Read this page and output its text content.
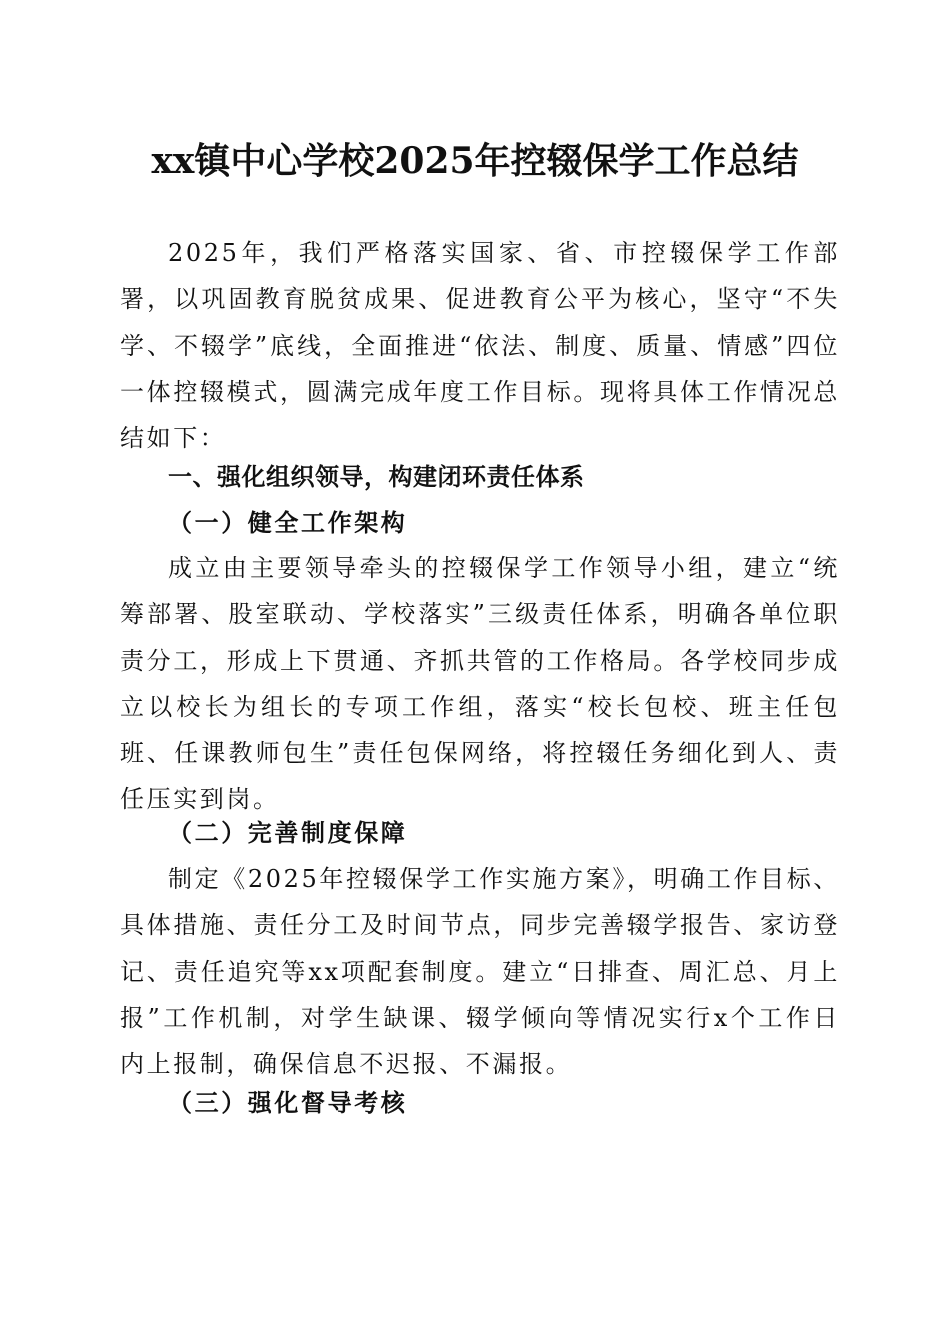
xx镇中心学校2025年控辍保学工作总结

2025年，我们严格落实国家、省、市控辍保学工作部署，以巩固教育脱贫成果、促进教育公平为核心，坚守“不失学、不辍学”底线，全面推进“依法、制度、质量、情感”四位一体控辍模式，圆满完成年度工作目标。现将具体工作情况总结如下：

一、强化组织领导，构建闭环责任体系
（一）健全工作架构

成立由主要领导牵头的控辍保学工作领导小组，建立“统筹部署、股室联动、学校落实”三级责任体系，明确各单位职责分工，形成上下贯通、齐抓共管的工作格局。各学校同步成立以校长为组长的专项工作组，落实“校长包校、班主任包班、任课教师包生”责任包保网络，将控辍任务细化到人、责任压实到岗。

（二）完善制度保障

制定《2025年控辍保学工作实施方案》，明确工作目标、具体措施、责任分工及时间节点，同步完善辍学报告、家访登记、责任追究等xx项配套制度。建立“日排查、周汇总、月上报”工作机制，对学生缺课、辍学倾向等情况实行x个工作日内上报制，确保信息不迟报、不漏报。

（三）强化督导考核
